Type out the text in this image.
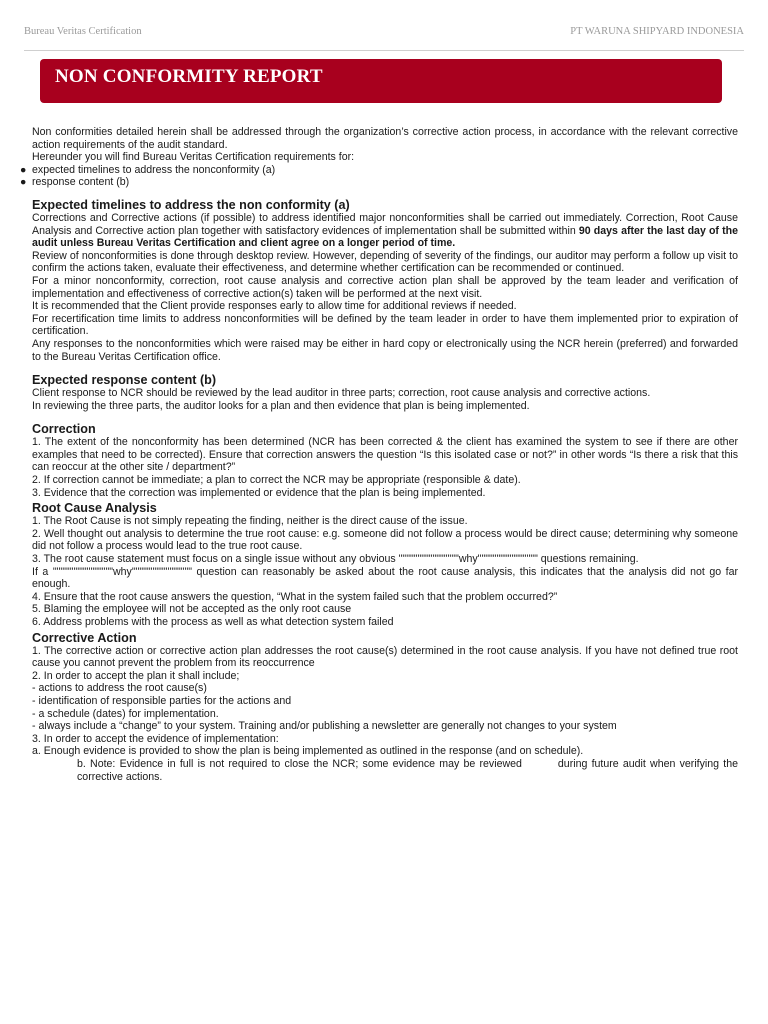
Bureau Veritas Certification	PT WARUNA SHIPYARD INDONESIA
NON CONFORMITY REPORT

Non conformities detailed herein shall be addressed through the organization’s corrective action process, in accordance with the relevant corrective action requirements of the audit standard.

Hereunder you will find Bureau Veritas Certification requirements for:

● expected timelines to address the nonconformity (a)
● response content (b)
Expected timelines to address the non conformity (a)

Corrections and Corrective actions (if possible) to address identified major nonconformities shall be carried out immediately. Correction, Root Cause Analysis and Corrective action plan together with satisfactory evidences of implementation shall be submitted within 90 days after the last day of the audit unless Bureau Veritas Certification and client agree on a longer period of time.

Review of nonconformities is done through desktop review. However, depending of severity of the findings, our auditor may perform a follow up visit to confirm the actions taken, evaluate their effectiveness, and determine whether certification can be recommended or continued.

For a minor nonconformity, correction, root cause analysis and corrective action plan shall be approved by the team leader and verification of implementation and effectiveness of corrective action(s) taken will be performed at the next visit.

It is recommended that the Client provide responses early to allow time for additional reviews if needed.

For recertification time limits to address nonconformities will be defined by the team leader in order to have them implemented prior to expiration of certification.

Any responses to the nonconformities which were raised may be either in hard copy or electronically using the NCR herein (preferred) and forwarded to the Bureau Veritas Certification office.

Expected response content (b)

Client response to NCR should be reviewed by the lead auditor in three parts; correction, root cause analysis and corrective actions.

In reviewing the three parts, the auditor looks for a plan and then evidence that plan is being implemented.

Correction

1. The extent of the nonconformity has been determined (NCR has been corrected & the client has examined the system to see if there are other examples that need to be corrected). Ensure that correction answers the question “Is this isolated case or not?” in other words “Is there a risk that this can reoccur at the other site / department?”

2. If correction cannot be immediate; a plan to correct the NCR may be appropriate (responsible & date).

3. Evidence that the correction was implemented or evidence that the plan is being implemented.

Root Cause Analysis

1. The Root Cause is not simply repeating the finding, neither is the direct cause of the issue.

2. Well thought out analysis to determine the true root cause: e.g. someone did not follow a process would be direct cause; determining why someone did not follow a process would lead to the true root cause.

3. The root cause statement must focus on a single issue without any obvious """"""""""""""""why"""""""""""""""" questions remaining.

If a """"""""""""""""why"""""""""""""""" question can reasonably be asked about the root cause analysis, this indicates that the analysis did not go far enough.

4. Ensure that the root cause answers the question, “What in the system failed such that the problem occurred?”

5. Blaming the employee will not be accepted as the only root cause

6. Address problems with the process as well as what detection system failed

Corrective Action

1. The corrective action or corrective action plan addresses the root cause(s) determined in the root cause analysis. If you have not defined true root cause you cannot prevent the problem from its reoccurrence

2. In order to accept the plan it shall include;

- actions to address the root cause(s)

- identification of responsible parties for the actions and

- a schedule (dates) for implementation.

- always include a “change” to your system. Training and/or publishing a newsletter are generally not changes to your system

3. In order to accept the evidence of implementation:

a. Enough evidence is provided to show the plan is being implemented as outlined in the response (and on schedule).

b. Note: Evidence in full is not required to close the NCR; some evidence may be reviewed	during future audit when verifying the corrective actions.
